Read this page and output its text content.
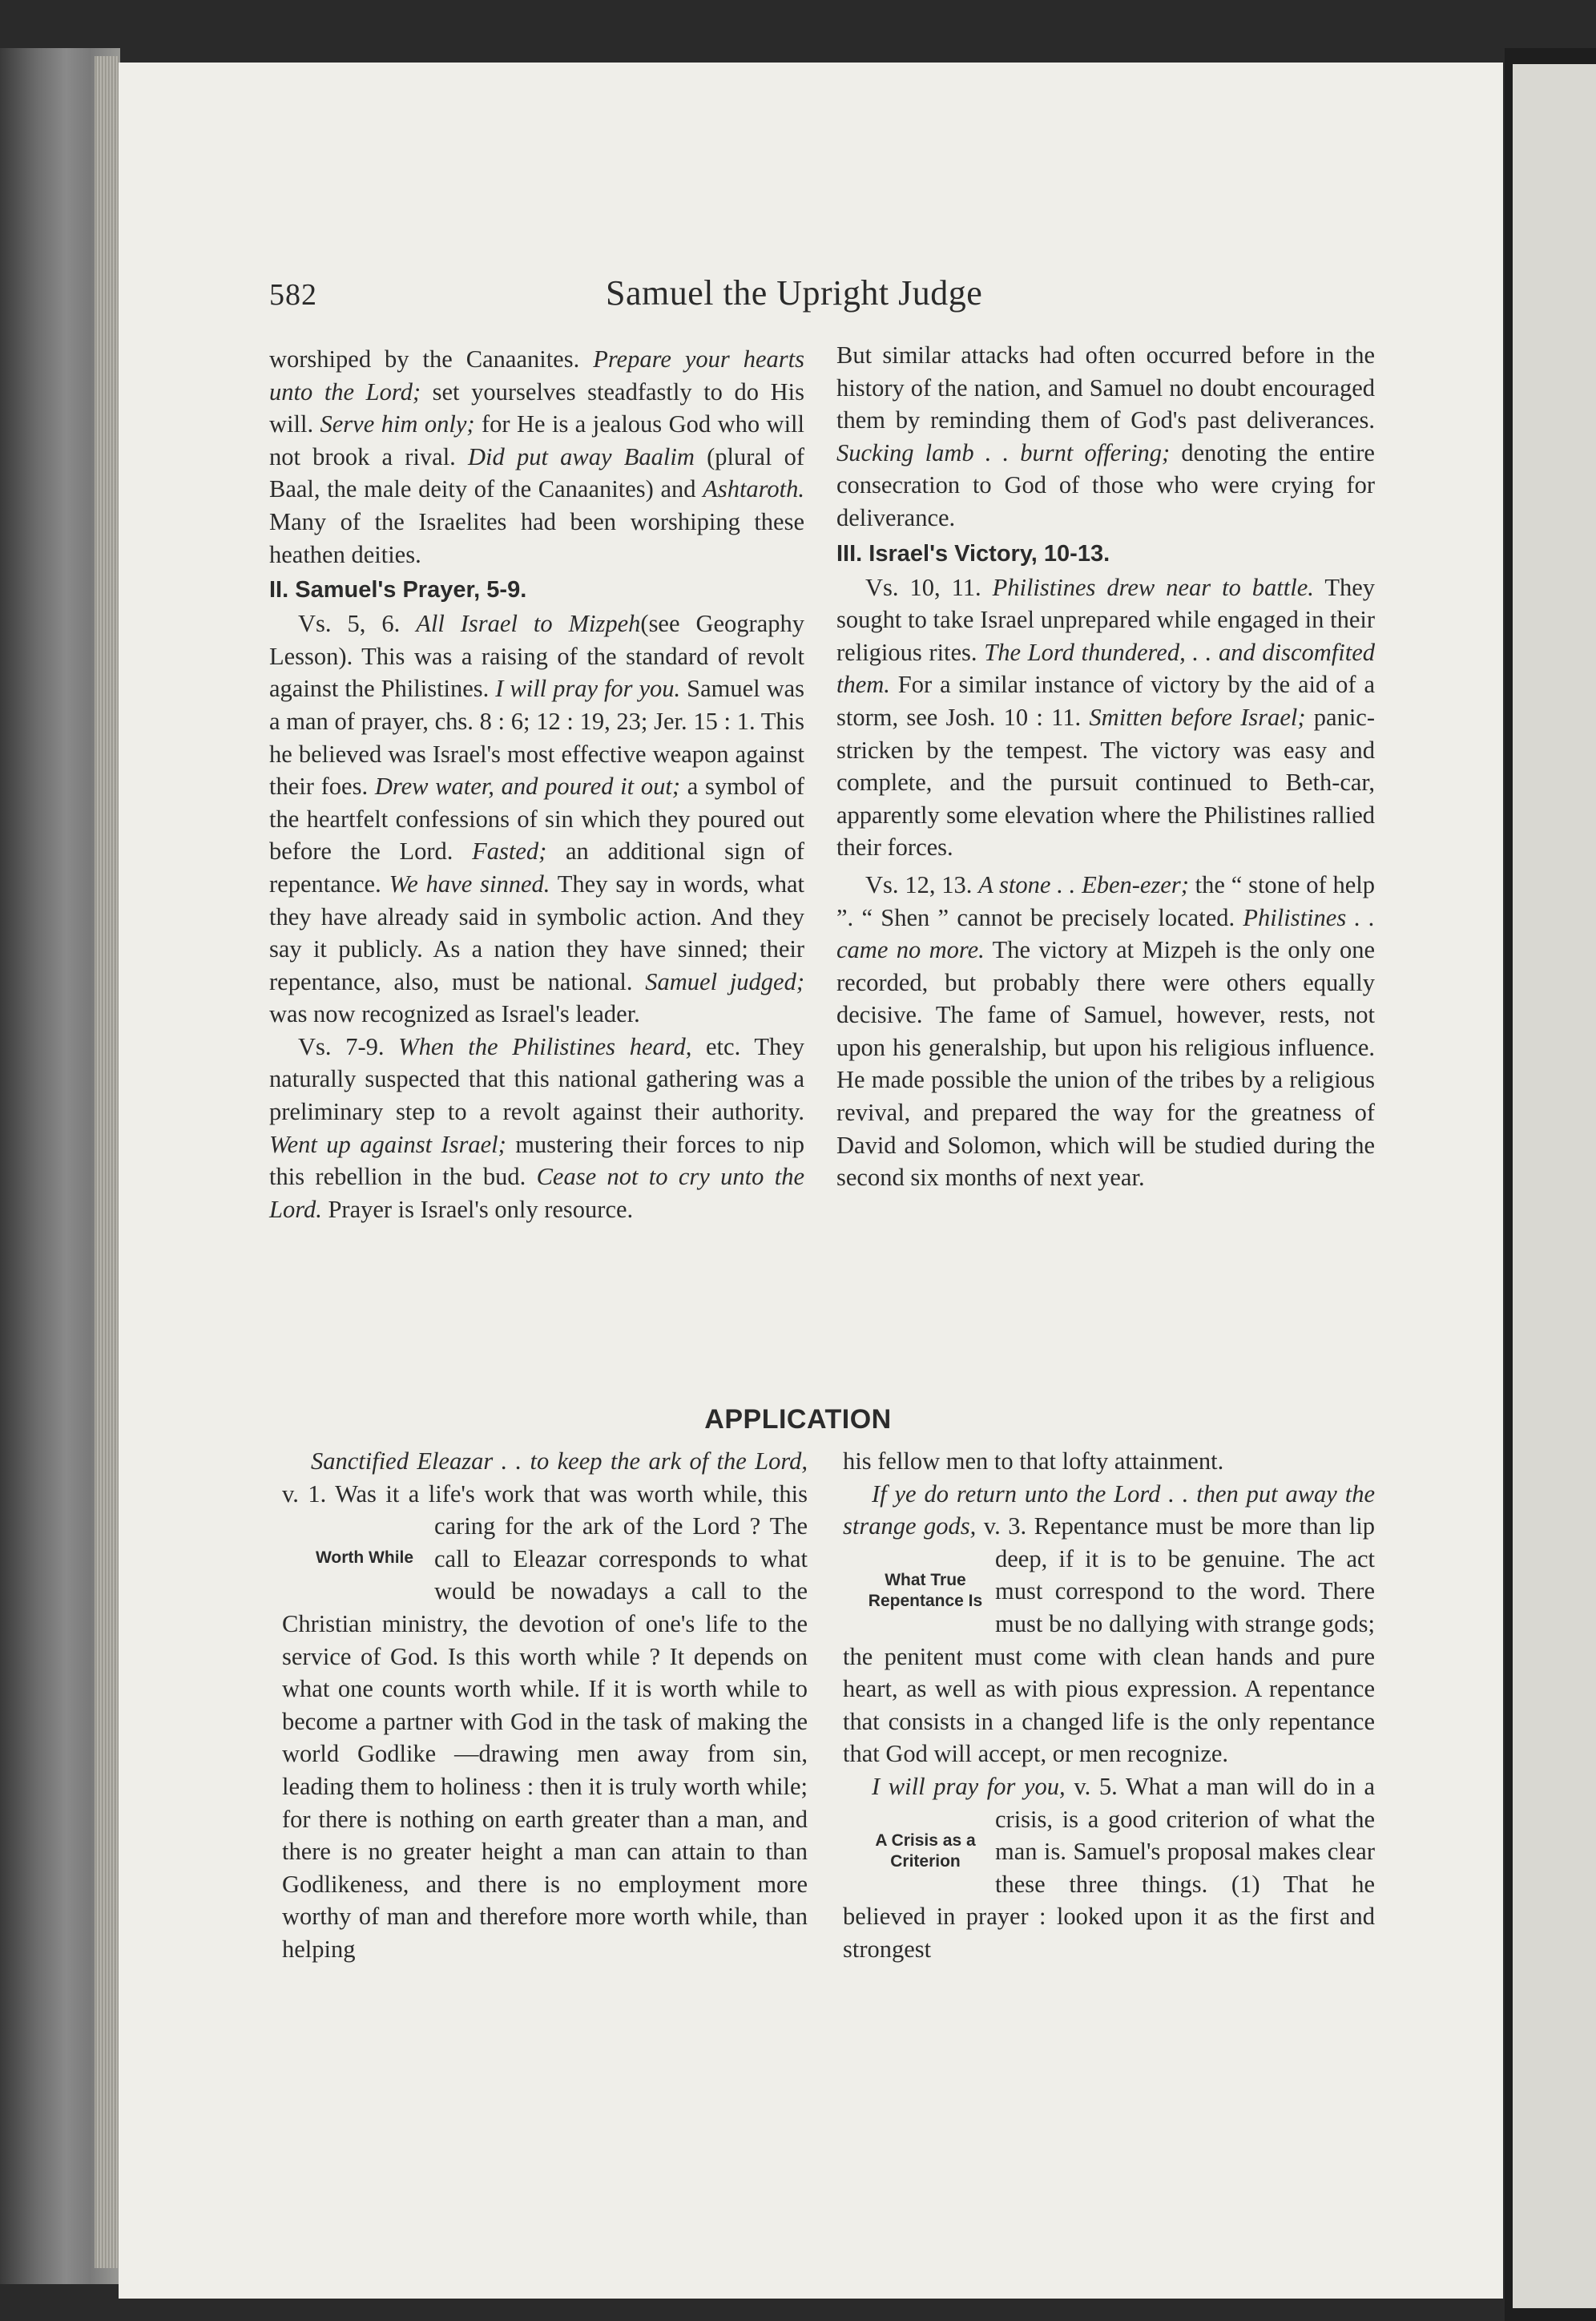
582	Samuel the Upright Judge

worshiped by the Canaanites. Prepare your hearts unto the Lord; set yourselves steadfastly to do His will. Serve him only; for He is a jealous God who will not brook a rival. Did put away Baalim (plural of Baal, the male deity of the Canaanites) and Ashtaroth. Many of the Israelites had been worshiping these heathen deities.

II. Samuel's Prayer, 5-9.

Vs. 5, 6. All Israel to Mizpeh(see Geography Lesson). This was a raising of the standard of revolt against the Philistines. I will pray for you. Samuel was a man of prayer, chs. 8 : 6; 12 : 19, 23; Jer. 15 : 1. This he believed was Israel's most effective weapon against their foes. Drew water, and poured it out; a symbol of the heartfelt confessions of sin which they poured out before the Lord. Fasted; an additional sign of repentance. We have sinned. They say in words, what they have already said in symbolic action. And they say it publicly. As a nation they have sinned; their repentance, also, must be national. Samuel judged; was now recognized as Israel's leader.

Vs. 7-9. When the Philistines heard, etc. They naturally suspected that this national gathering was a preliminary step to a revolt against their authority. Went up against Israel; mustering their forces to nip this rebellion in the bud. Cease not to cry unto the Lord. Prayer is Israel's only resource.

But similar attacks had often occurred before in the history of the nation, and Samuel no doubt encouraged them by reminding them of God's past deliverances. Sucking lamb . . burnt offering; denoting the entire consecration to God of those who were crying for deliverance.

III. Israel's Victory, 10-13.

Vs. 10, 11. Philistines drew near to battle. They sought to take Israel unprepared while engaged in their religious rites. The Lord thundered, . . and discomfited them. For a similar instance of victory by the aid of a storm, see Josh. 10 : 11. Smitten before Israel; panic-stricken by the tempest. The victory was easy and complete, and the pursuit continued to Beth-car, apparently some elevation where the Philistines rallied their forces.

Vs. 12, 13. A stone . . Eben-ezer; the “ stone of help ”. “ Shen ” cannot be precisely located. Philistines . . came no more. The victory at Mizpeh is the only one recorded, but probably there were others equally decisive. The fame of Samuel, however, rests, not upon his generalship, but upon his religious influence. He made possible the union of the tribes by a religious revival, and prepared the way for the greatness of David and Solomon, which will be studied during the second six months of next year.

APPLICATION

Sanctified Eleazar . . to keep the ark of the Lord, v. 1. Was it a life's work that was worth while, this caring for the ark of the
Worth While
Lord ? The call to Eleazar corresponds to what would be nowadays a call to the Christian ministry, the devotion of one's life to the service of God. Is this worth while ? It depends on what one counts worth while. If it is worth while to become a partner with God in the task of making the world Godlike —drawing men away from sin, leading them to holiness : then it is truly worth while; for there is nothing on earth greater than a man, and there is no greater height a man can attain to than Godlikeness, and there is no employment more worthy of man and therefore more worth while, than helping

his fellow men to that lofty attainment.

If ye do return unto the Lord . . then put away the strange gods, v. 3. Repentance must be more than lip deep, if it is to be genuine.
What True
Repentance Is
The act must correspond to the word. There must be no dallying with strange gods; the penitent must come with clean hands and pure heart, as well as with pious expression. A repentance that consists in a changed life is the only repentance that God will accept, or men recognize.

I will pray for you, v. 5. What a man will do in a crisis, is a good criterion of what the
A Crisis as a
Criterion man is. Samuel's proposal makes clear these three things. (1) That he believed in prayer : looked upon it as the first and strongest
